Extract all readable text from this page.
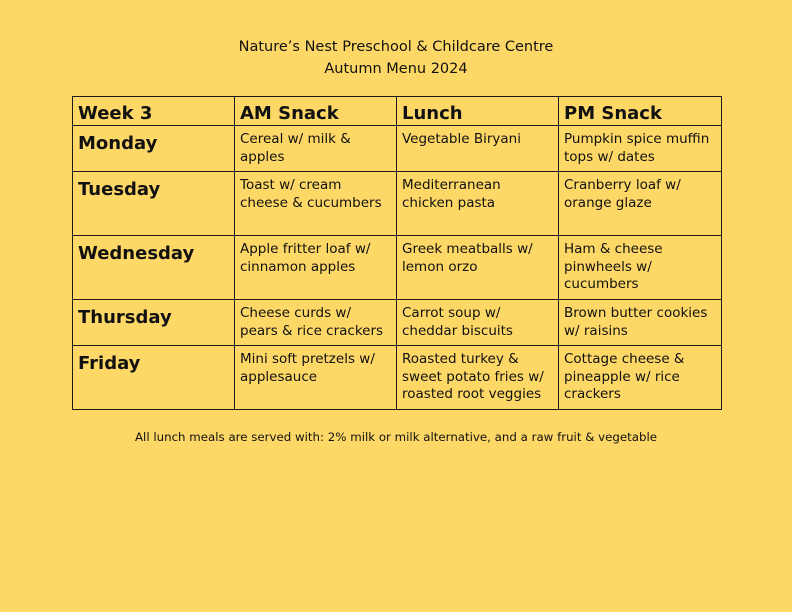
Nature’s Nest Preschool & Childcare Centre
Autumn Menu 2024
Week 3	AM Snack	Lunch	PM Snack
Monday	Cereal w/ milk & apples	Vegetable Biryani	Pumpkin spice muffin tops w/ dates
Tuesday	Toast w/ cream cheese & cucumbers	Mediterranean chicken pasta	Cranberry loaf w/ orange glaze
Wednesday	Apple fritter loaf w/ cinnamon apples	Greek meatballs w/ lemon orzo	Ham & cheese pinwheels w/ cucumbers
Thursday	Cheese curds w/ pears & rice crackers	Carrot soup w/ cheddar biscuits	Brown butter cookies w/ raisins
Friday	Mini soft pretzels w/ applesauce	Roasted turkey & sweet potato fries w/ roasted root veggies	Cottage cheese & pineapple w/ rice crackers
All lunch meals are served with: 2% milk or milk alternative, and a raw fruit & vegetable
